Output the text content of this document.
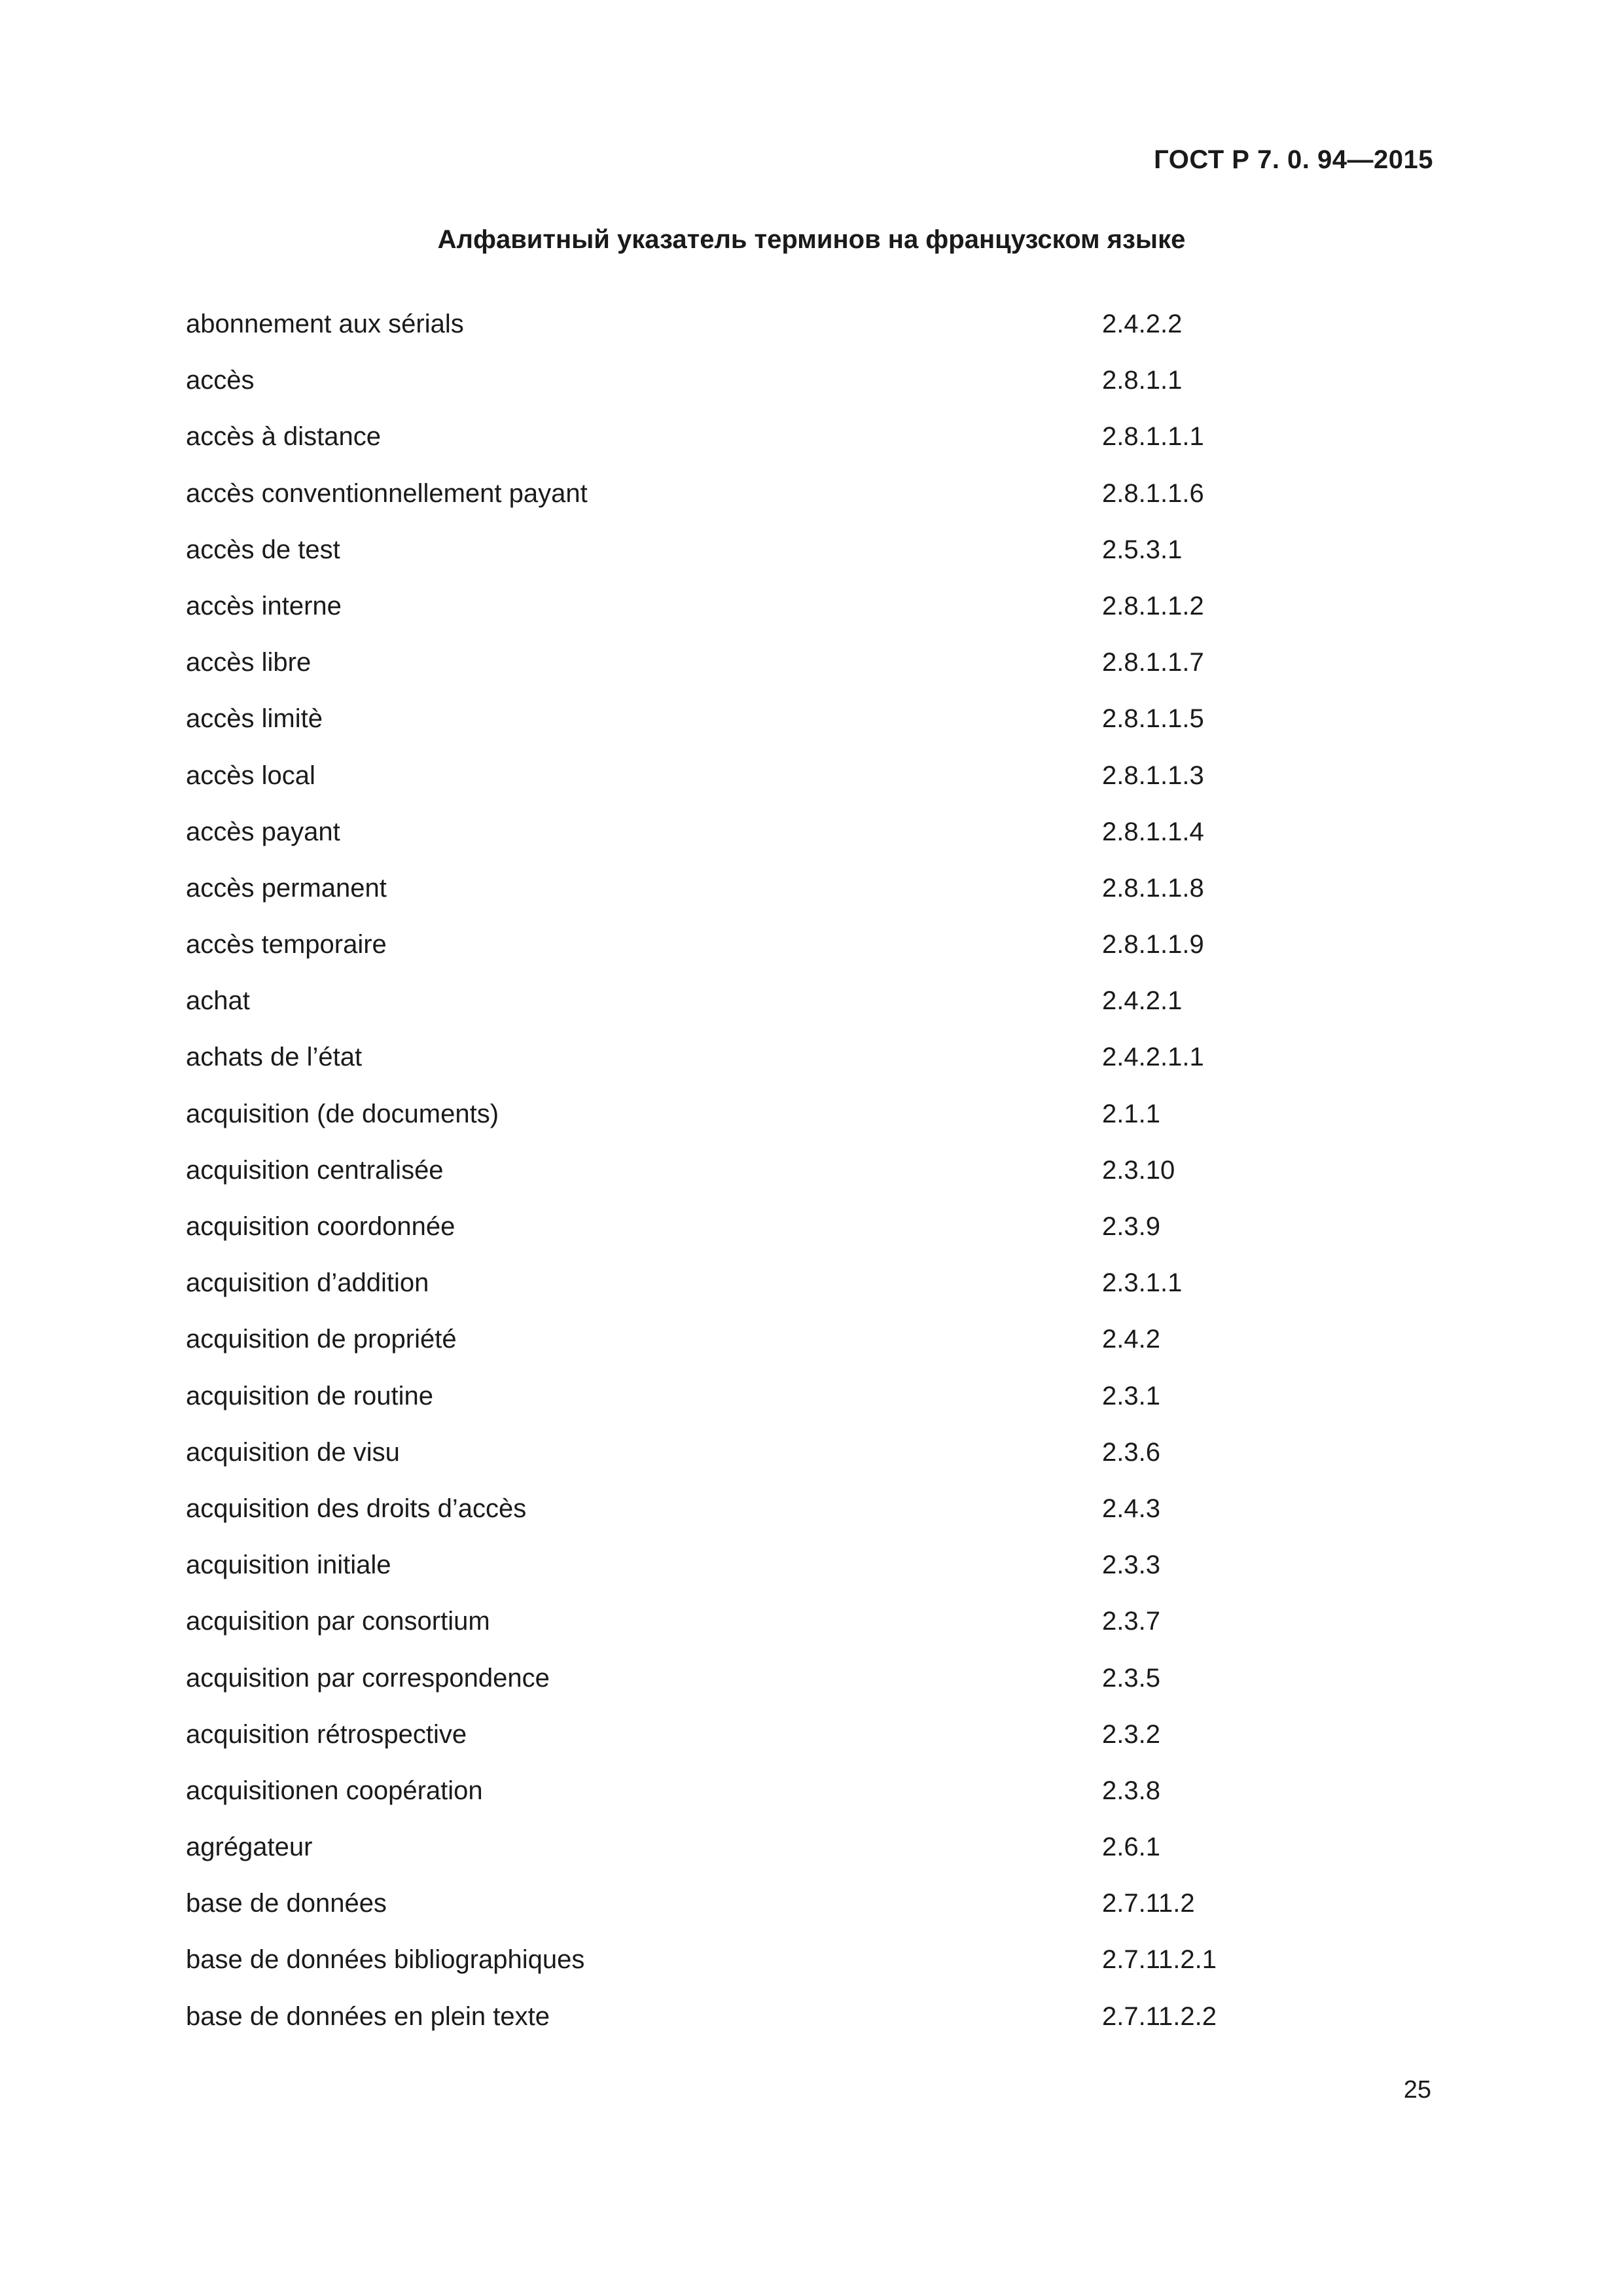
ГОСТ Р 7. 0. 94—2015
Алфавитный указатель терминов на французском языке
abonnement aux sérials	2.4.2.2
accès	2.8.1.1
accès à distance	2.8.1.1.1
accès conventionnellement payant	2.8.1.1.6
accès de test	2.5.3.1
accès interne	2.8.1.1.2
accès libre	2.8.1.1.7
accès limitè	2.8.1.1.5
accès local	2.8.1.1.3
accès payant	2.8.1.1.4
accès permanent	2.8.1.1.8
accès temporaire	2.8.1.1.9
achat	2.4.2.1
achats de l’état	2.4.2.1.1
acquisition (de documents)	2.1.1
acquisition centralisée	2.3.10
acquisition coordonnée	2.3.9
acquisition d’addition	2.3.1.1
acquisition de propriété	2.4.2
acquisition de routine	2.3.1
acquisition de visu	2.3.6
acquisition des droits d’accès	2.4.3
acquisition initiale	2.3.3
acquisition par consortium	2.3.7
acquisition par correspondence	2.3.5
acquisition rétrospective	2.3.2
acquisitionen coopération	2.3.8
agrégateur	2.6.1
base de données	2.7.11.2
base de données bibliographiques	2.7.11.2.1
base de données en plein texte	2.7.11.2.2
25
